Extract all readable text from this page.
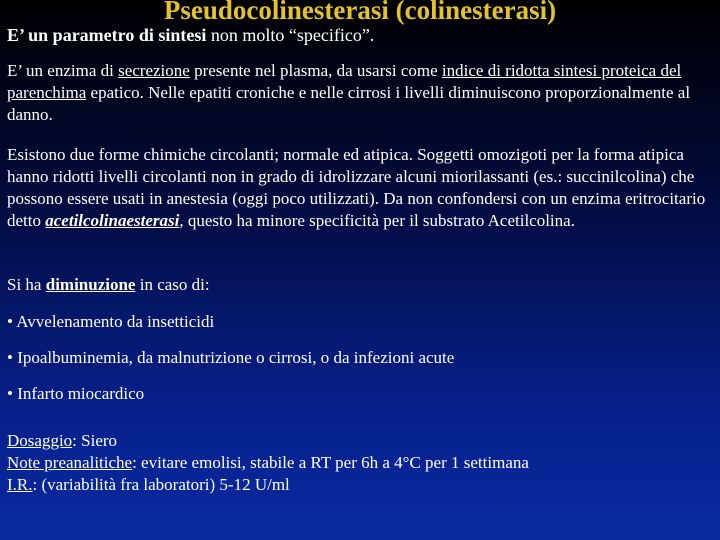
Pseudocolinesterasi (colinesterasi)
E’ un parametro di sintesi non molto “specifico”.
E’ un enzima di secrezione presente nel plasma, da usarsi come indice di ridotta sintesi proteica del parenchima epatico. Nelle epatiti croniche e nelle cirrosi i livelli diminuiscono proporzionalmente al danno.
Esistono due forme chimiche circolanti; normale ed atipica. Soggetti omozigoti per la forma atipica hanno ridotti livelli circolanti non in grado di idrolizzare alcuni miorilassanti (es.: succinilcolina) che possono essere usati in anestesia (oggi poco utilizzati). Da non confondersi con un enzima eritrocitario detto acetilcolinaesterasi, questo ha minore specificità per il substrato Acetilcolina.
Si ha diminuzione in caso di:
• Avvelenamento da insetticidi
• Ipoalbuminemia, da malnutrizione o cirrosi, o da infezioni acute
• Infarto miocardico
Dosaggio: Siero
Note preanalitiche: evitare emolisi, stabile a RT per 6h a 4°C per 1 settimana
I.R.: (variabilità fra laboratori) 5-12 U/ml
